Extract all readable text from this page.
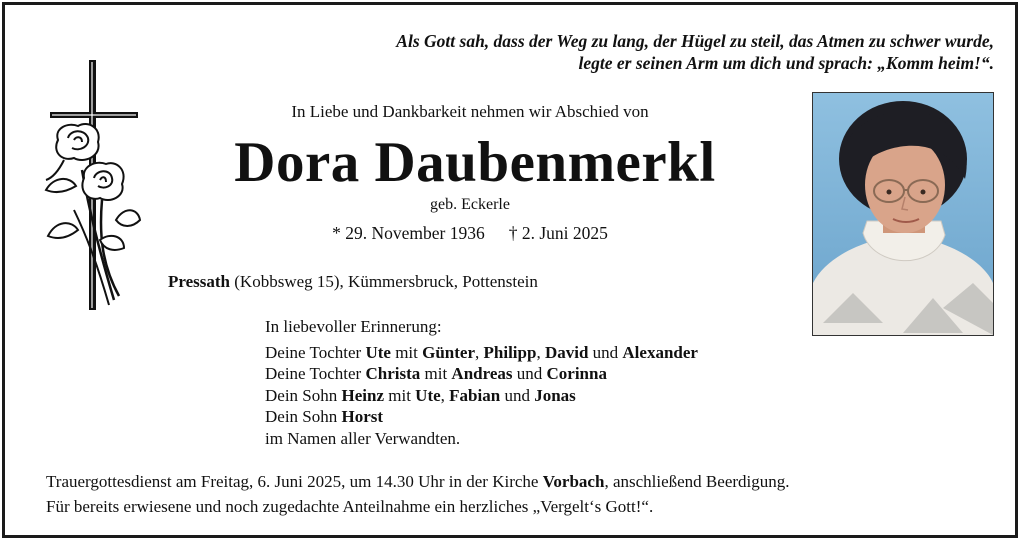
Als Gott sah, dass der Weg zu lang, der Hügel zu steil, das Atmen zu schwer wurde,
legte er seinen Arm um dich und sprach: „Komm heim!“.
In Liebe und Dankbarkeit nehmen wir Abschied von
Dora Daubenmerkl
geb. Eckerle
* 29. November 1936 † 2. Juni 2025
Pressath (Kobbsweg 15), Kümmersbruck, Pottenstein
In liebevoller Erinnerung:
Deine Tochter Ute mit Günter, Philipp, David und Alexander
Deine Tochter Christa mit Andreas und Corinna
Dein Sohn Heinz mit Ute, Fabian und Jonas
Dein Sohn Horst
im Namen aller Verwandten.
Trauergottesdienst am Freitag, 6. Juni 2025, um 14.30 Uhr in der Kirche Vorbach, anschließend Beerdigung.
Für bereits erwiesene und noch zugedachte Anteilnahme ein herzliches „Vergelt‘s Gott!“.
